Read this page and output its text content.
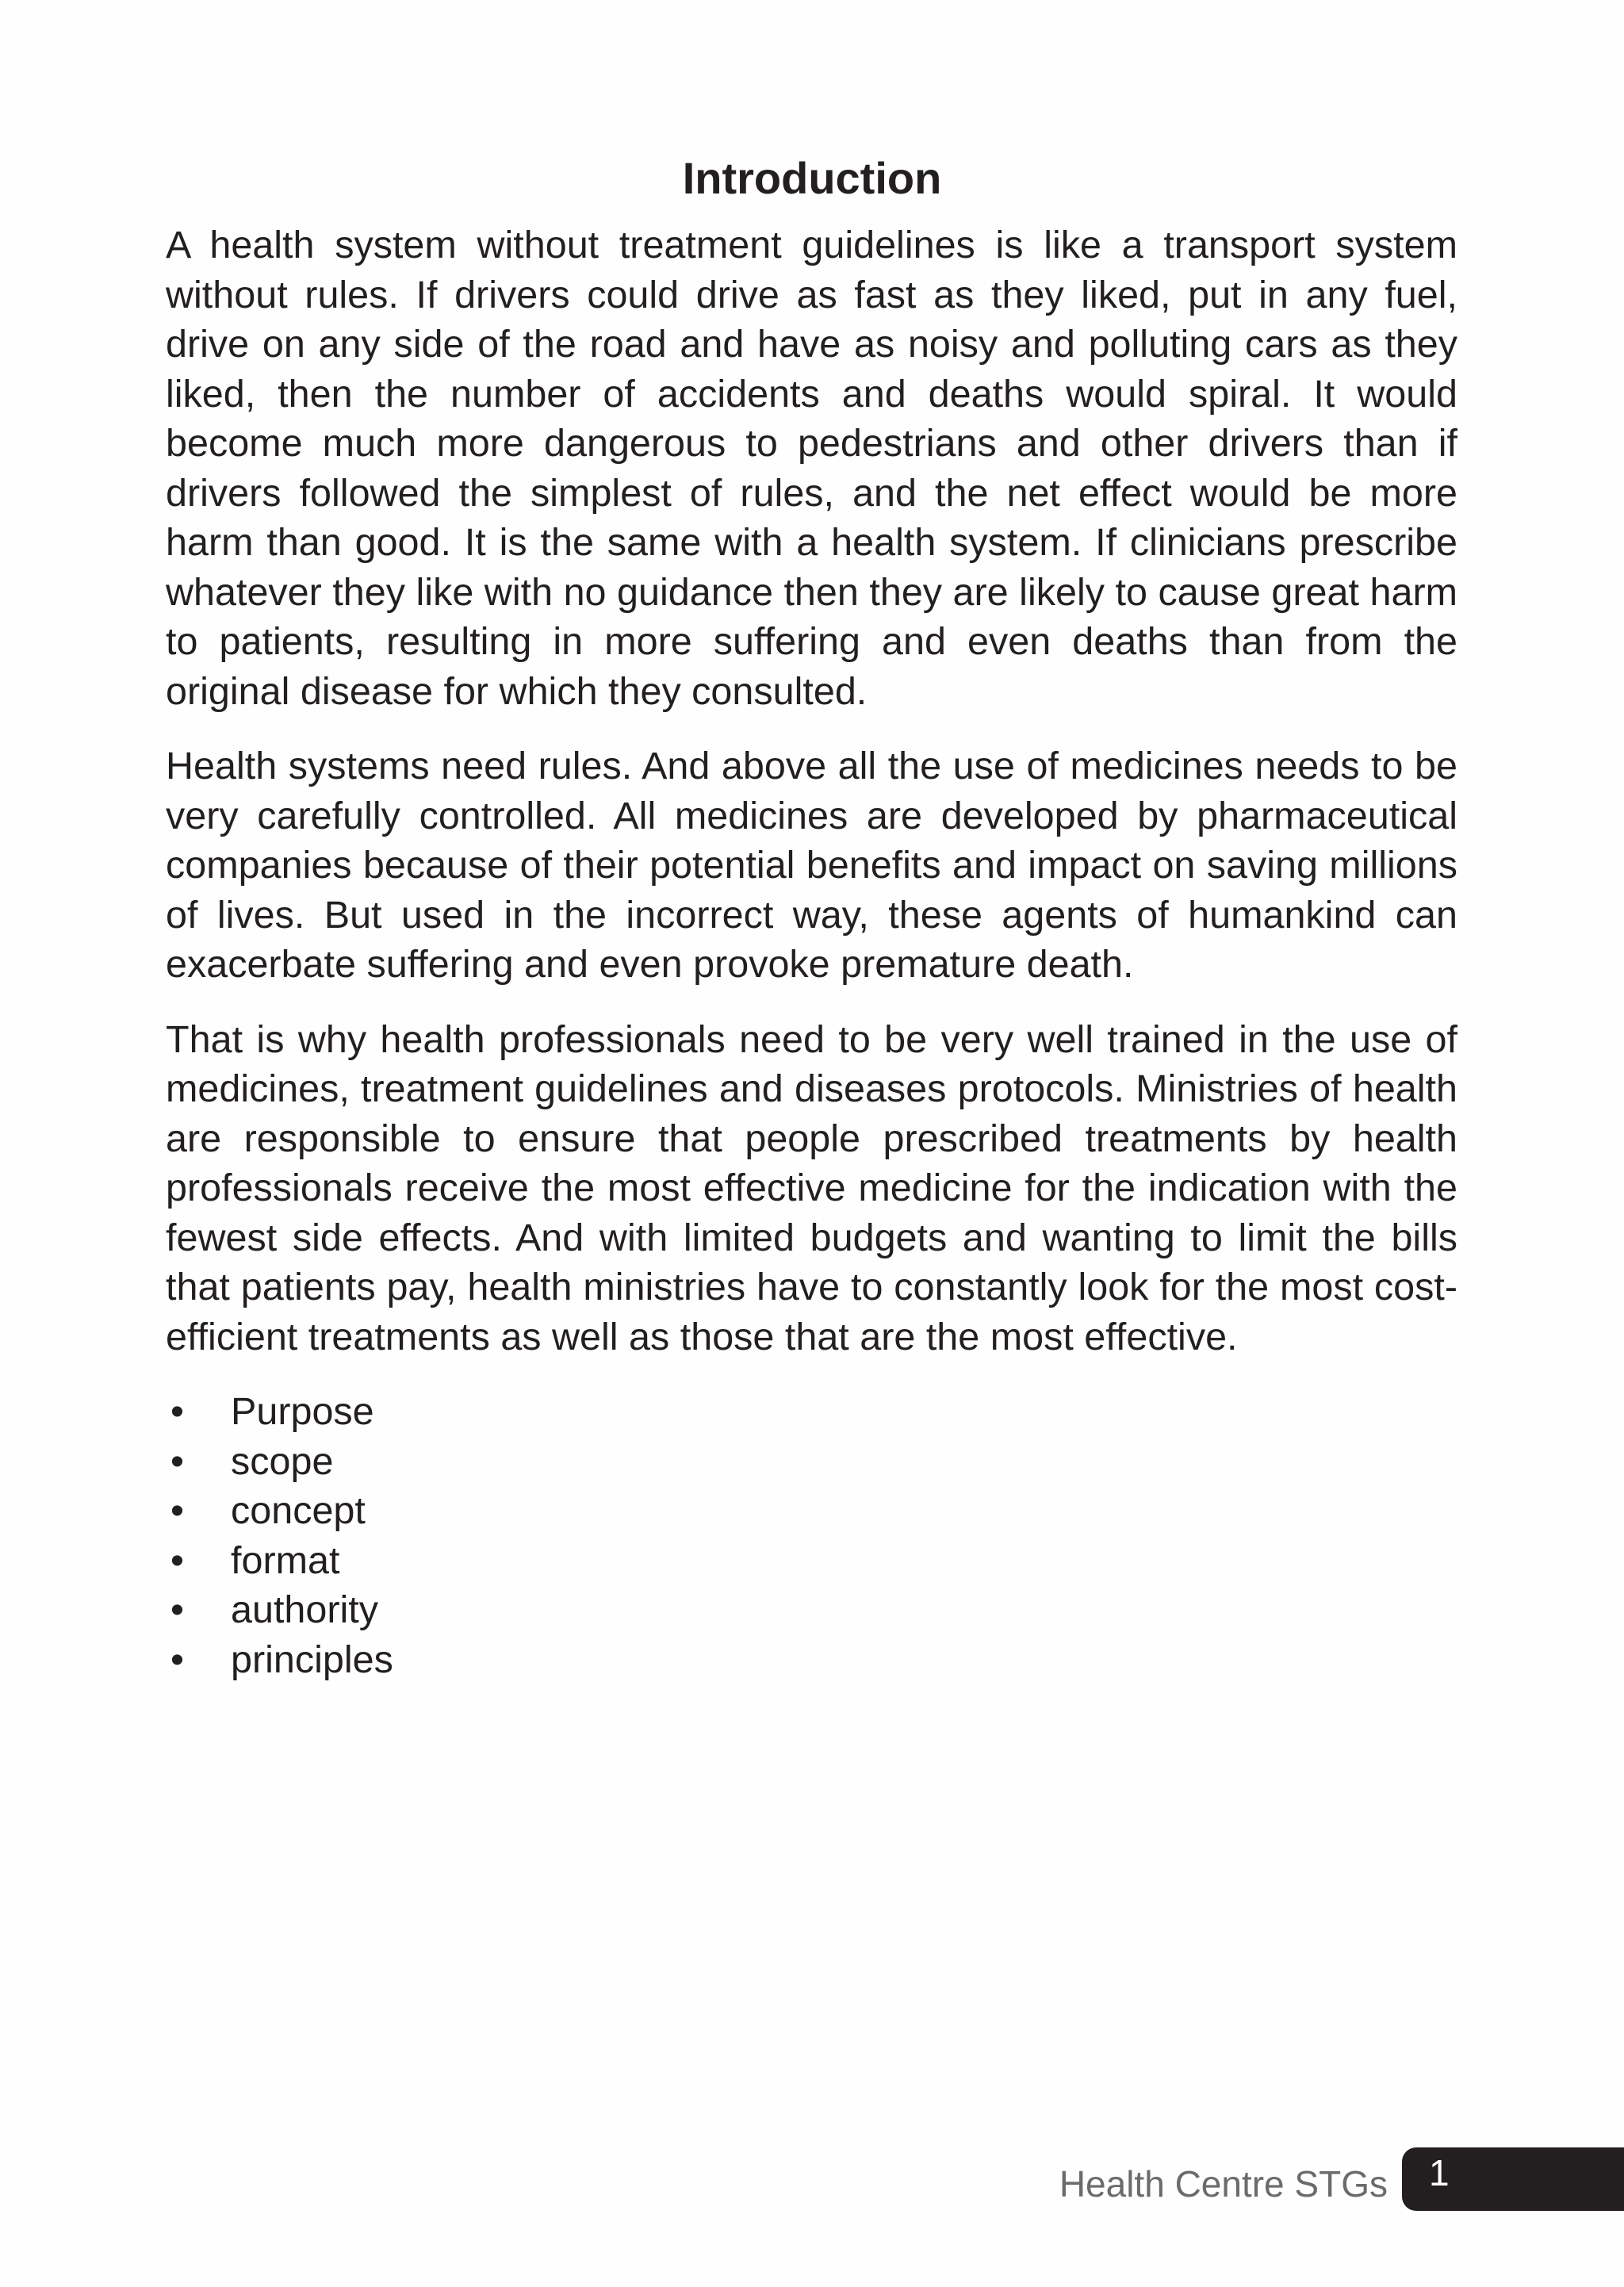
Introduction

A health system without treatment guidelines is like a transport system without rules. If drivers could drive as fast as they liked, put in any fuel, drive on any side of the road and have as noisy and polluting cars as they liked, then the number of accidents and deaths would spiral. It would become much more dangerous to pedestrians and other drivers than if drivers followed the simplest of rules, and the net effect would be more harm than good. It is the same with a health system. If clinicians prescribe whatever they like with no guidance then they are likely to cause great harm to patients, resulting in more suffering and even deaths than from the original disease for which they consulted.

Health systems need rules. And above all the use of medicines needs to be very carefully controlled. All medicines are developed by pharmaceutical companies because of their potential benefits and impact on saving millions of lives. But used in the incorrect way, these agents of humankind can exacerbate suffering and even provoke premature death.

That is why health professionals need to be very well trained in the use of medicines, treatment guidelines and diseases protocols. Ministries of health are responsible to ensure that people prescribed treatments by health professionals receive the most effective medicine for the indication with the fewest side effects. And with limited budgets and wanting to limit the bills that patients pay, health ministries have to constantly look for the most cost-efficient treatments as well as those that are the most effective.

• Purpose
• scope
• concept
• format
• authority
• principles
Health Centre STGs 1
